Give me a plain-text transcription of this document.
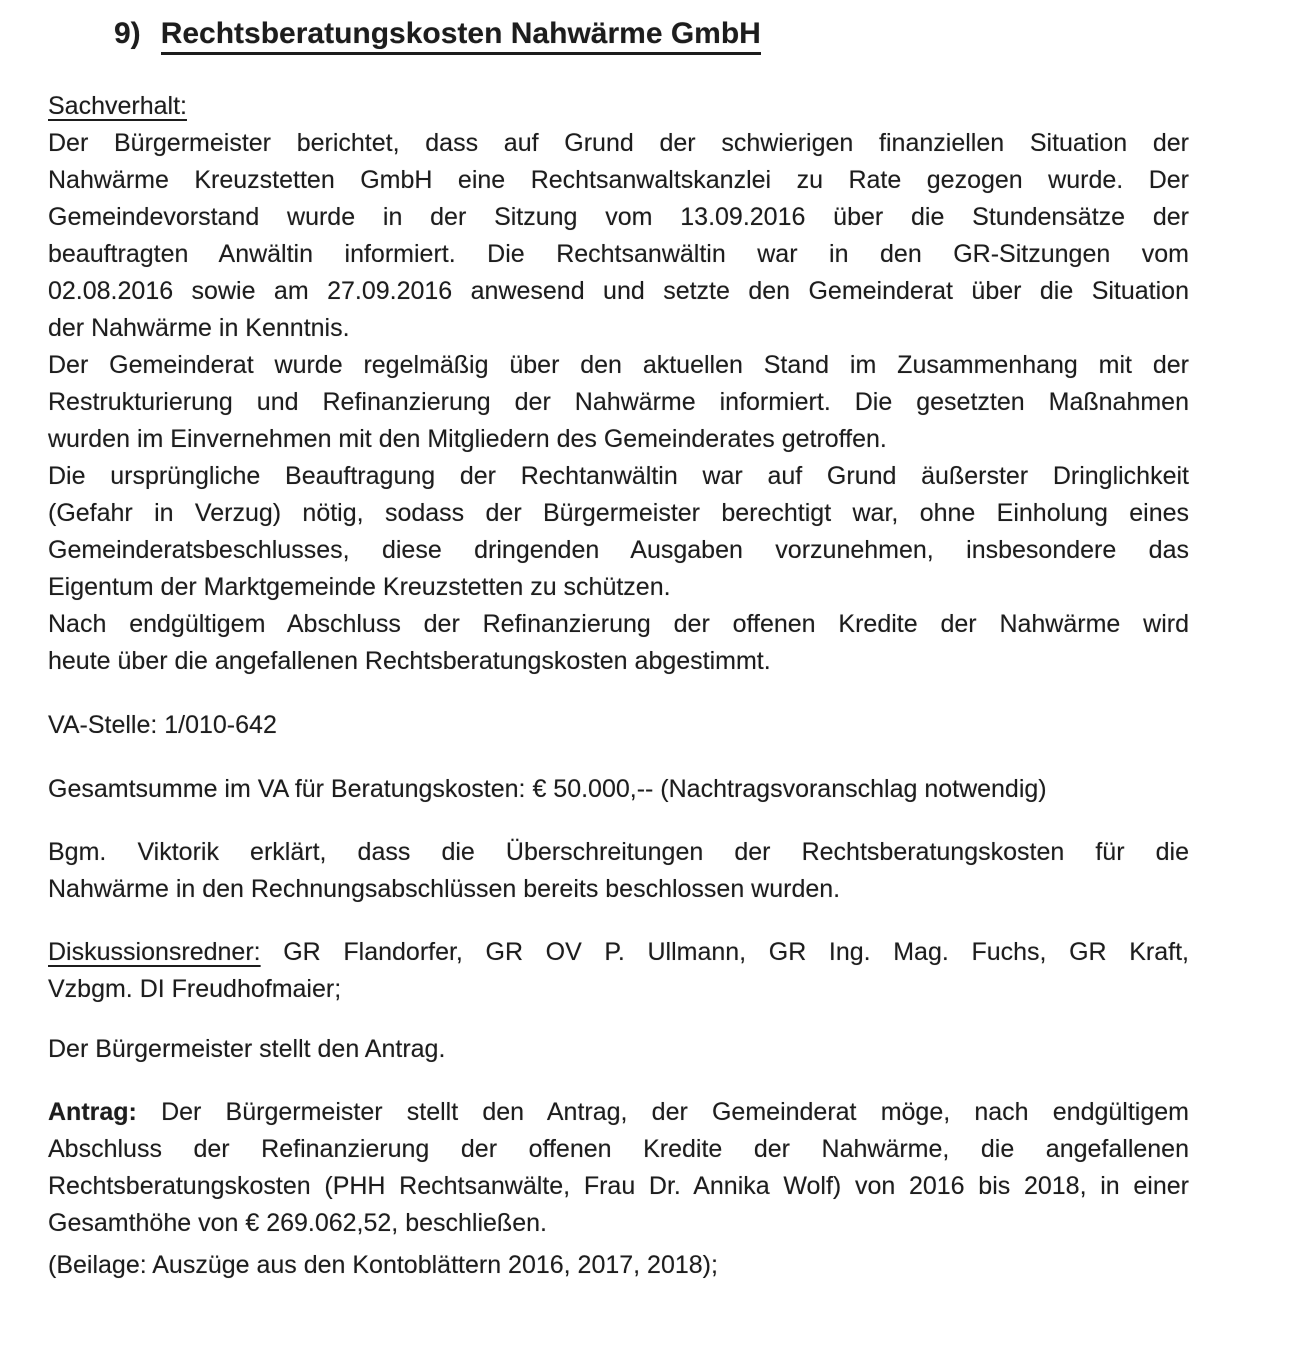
9) Rechtsberatungskosten Nahwärme GmbH
Sachverhalt:
Der Bürgermeister berichtet, dass auf Grund der schwierigen finanziellen Situation der
Nahwärme Kreuzstetten GmbH eine Rechtsanwaltskanzlei zu Rate gezogen wurde. Der
Gemeindevorstand wurde in der Sitzung vom 13.09.2016 über die Stundensätze der
beauftragten Anwältin informiert. Die Rechtsanwältin war in den GR-Sitzungen vom
02.08.2016 sowie am 27.09.2016 anwesend und setzte den Gemeinderat über die Situation
der Nahwärme in Kenntnis.
Der Gemeinderat wurde regelmäßig über den aktuellen Stand im Zusammenhang mit der
Restrukturierung und Refinanzierung der Nahwärme informiert. Die gesetzten Maßnahmen
wurden im Einvernehmen mit den Mitgliedern des Gemeinderates getroffen.
Die ursprüngliche Beauftragung der Rechtanwältin war auf Grund äußerster Dringlichkeit
(Gefahr in Verzug) nötig, sodass der Bürgermeister berechtigt war, ohne Einholung eines
Gemeinderatsbeschlusses, diese dringenden Ausgaben vorzunehmen, insbesondere das
Eigentum der Marktgemeinde Kreuzstetten zu schützen.
Nach endgültigem Abschluss der Refinanzierung der offenen Kredite der Nahwärme wird
heute über die angefallenen Rechtsberatungskosten abgestimmt.
VA-Stelle: 1/010-642
Gesamtsumme im VA für Beratungskosten: € 50.000,-- (Nachtragsvoranschlag notwendig)
Bgm. Viktorik erklärt, dass die Überschreitungen der Rechtsberatungskosten für die
Nahwärme in den Rechnungsabschlüssen bereits beschlossen wurden.
Diskussionsredner: GR Flandorfer, GR OV P. Ullmann, GR Ing. Mag. Fuchs, GR Kraft,
Vzbgm. DI Freudhofmaier;
Der Bürgermeister stellt den Antrag.
Antrag: Der Bürgermeister stellt den Antrag, der Gemeinderat möge, nach endgültigem
Abschluss der Refinanzierung der offenen Kredite der Nahwärme, die angefallenen
Rechtsberatungskosten (PHH Rechtsanwälte, Frau Dr. Annika Wolf) von 2016 bis 2018, in einer
Gesamthöhe von € 269.062,52, beschließen.
(Beilage: Auszüge aus den Kontoblättern 2016, 2017, 2018);
